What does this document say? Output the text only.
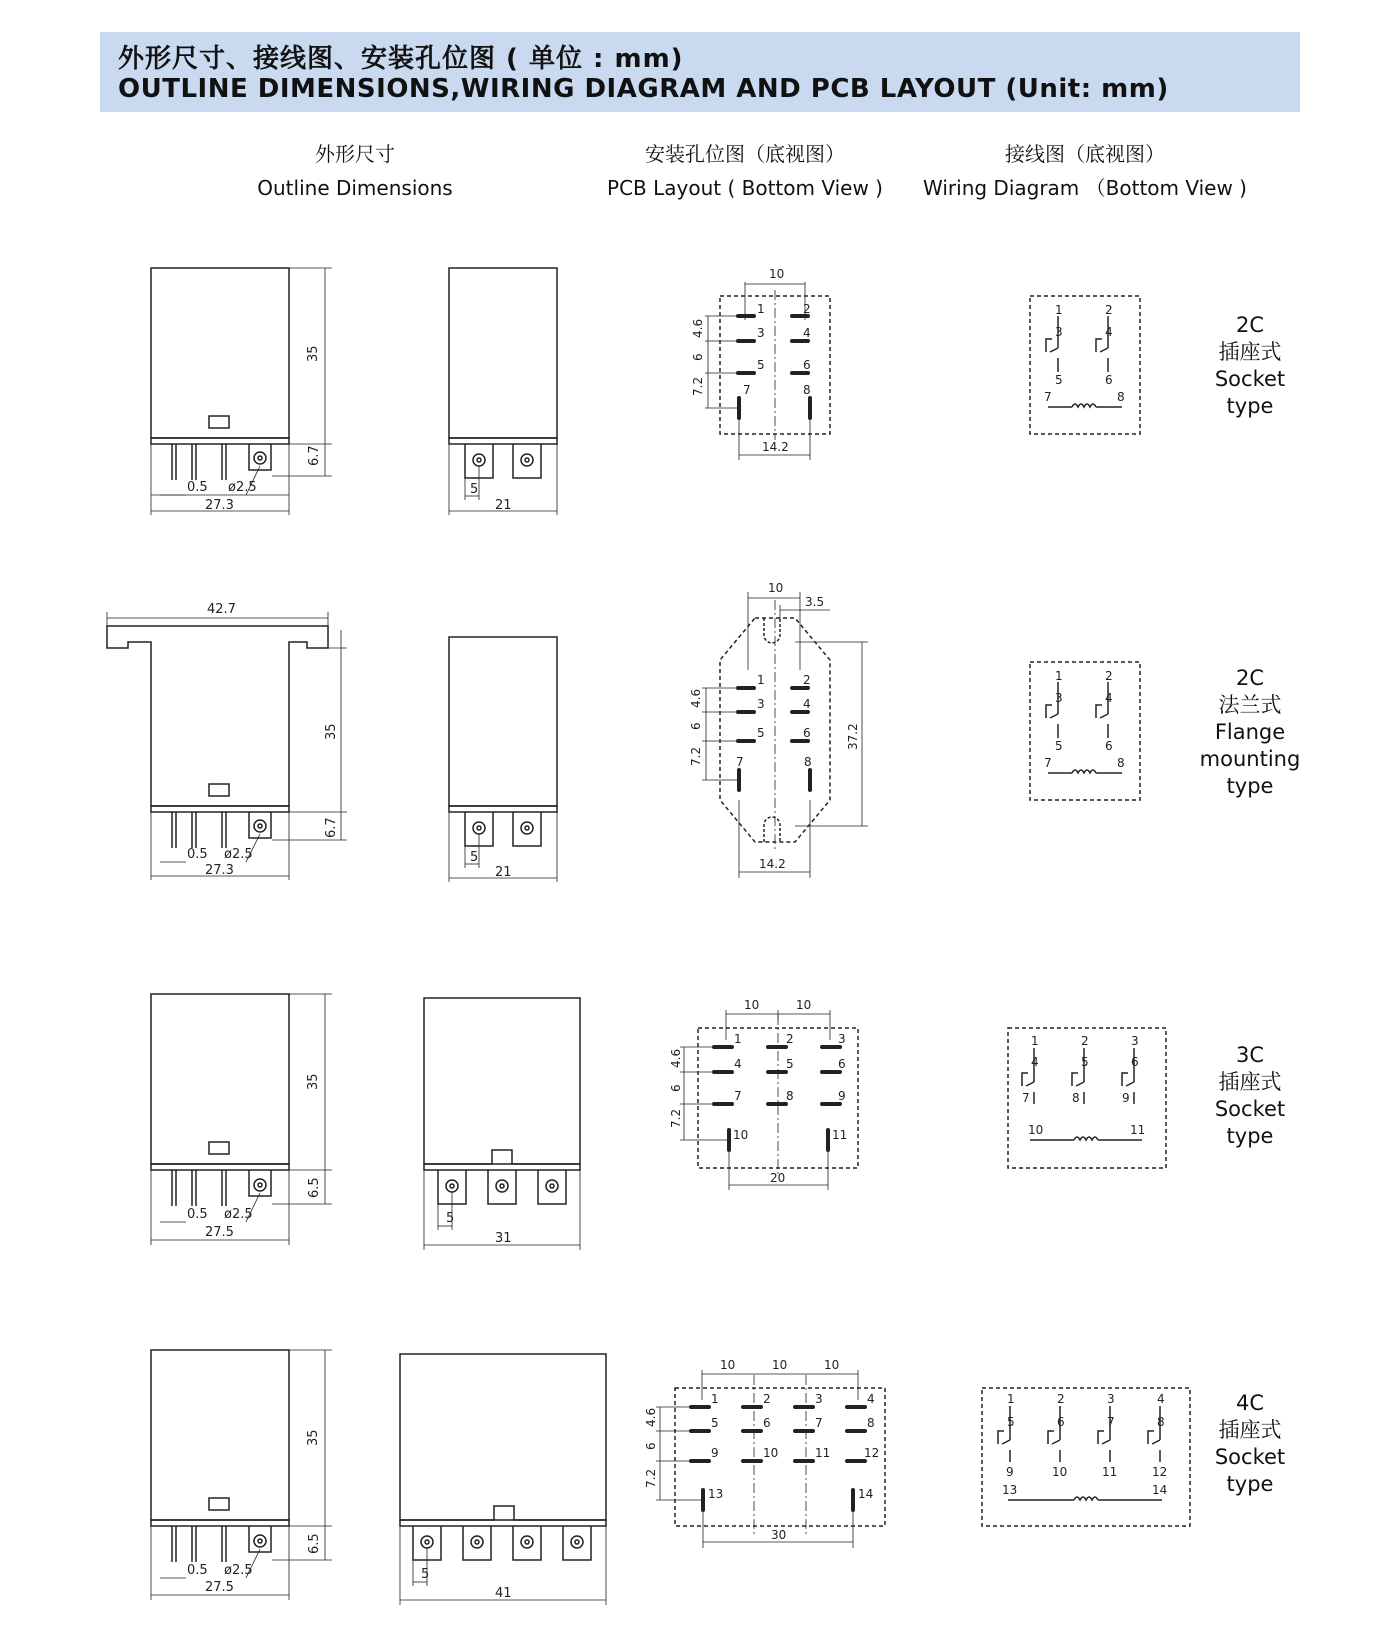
外形尺寸、接线图、安装孔位图 ( 单位 : mm)
OUTLINE DIMENSIONS,WIRING DIAGRAM AND PCB LAYOUT (Unit: mm)
外形尺寸
Outline Dimensions
安装孔位图（底视图）
PCB Layout ( Bottom View )
接线图（底视图）
Wiring Diagram （Bottom View )
2C
插座式
Socket
type
2C
法兰式
Flange
mounting
type
3C
插座式
Socket
type
4C
插座式
Socket
type
35
6.7
0.5 ø2.5
27.3
5
21
10
4.6
6
7.2
14.2
1	2
3	4
5	6
7	8
1	2
3	4
5	6
7	8
42.7
35
6.7
0.5 ø2.5
27.3
5
21
10
3.5
4.6
6
7.2
37.2
14.2
1	2
3	4
5	6
7	8
1	2
3	4
5	6
7	8
35
6.5
0.5 ø2.5
27.5
5
31
10	10
4.6
6
7.2
20
1	2	3
4	5	6
7	8	9
10	11
1	2	3
4	5	6
7	8	9
10	11
35
6.5
0.5 ø2.5
27.5
5
41
10	10	10
4.6
6
7.2
30
1	2	3	4
5	6	7	8
9	10	11	12
13	14
1	2	3	4
5	6	7	8
9	10	11	12
13	14
